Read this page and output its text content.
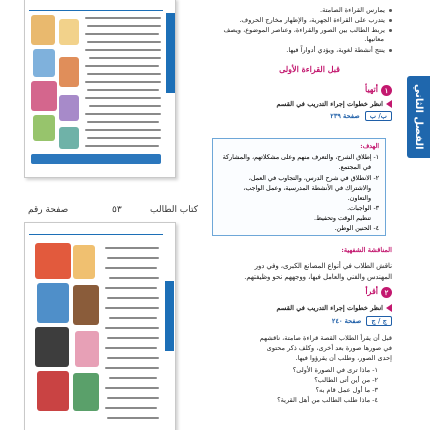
كتاب الطالب
٥٣
صفحة رقم
الفصل الثاني
يمارس القراءة الصامتة.
يتدرب على القراءة الجهرية، والإظهار مخارج الحروف.
يربط الطالب بين الصور والقراءة، وعناصر الموضوع، ويصف
معانيها.
ينتج أنشطة لغوية، ويؤدي أدواراً فيها.
قبل القراءة الأولى
١أتهيأ
انظر خطوات إجراء التدريب في القسم
ب/ ب صفحة ٢٣٩
المناقشة الشفهية:
ناقش الطلاب في أنواع المصانع الكبرى، وفي دور
المهندس والفني والعامل فيها، ووجههم نحو وظيفتهم.
٢أقرأ
انظر خطوات إجراء التدريب في القسم
ج / ج صفحة ٢٤٠
قبل أن يقرأ الطلاب القصة قراءة صامتة، ناقشهم
في صورها صورة بعد أخرى، وكلف ذكر محتوى
إحدى الصور، وطلب أن يقرؤوا فيها.
١- ماذا ترى في الصورة الأولى؟
٢- من أين أتى الطالب؟
٣- ما أول عمل قام به؟
٤- ماذا طلب الطالب من أهل القرية؟
الهدف:
١- إطلاق الشرح، والتعرف منهم وعلى مشكلاتهم، والمشاركة
في المجتمع.
٢- الانطلاق في شرح الدرس، والتجاوب في العمل،
والاشتراك في الأنشطة المدرسية، وعمل الواجب،
والتعاون.
٣- الواجبات.
تنظيم الوقت وتحفيظ.
٤- الحنين الوطن.
